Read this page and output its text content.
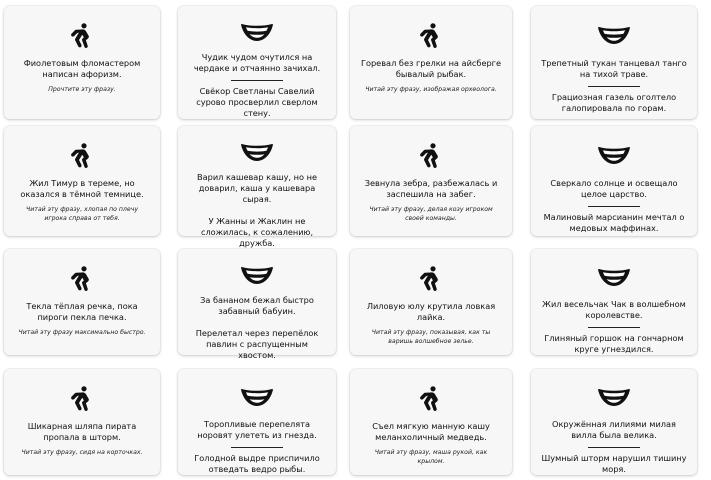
Фиолетовым фломастером написан афоризм.
Прочтите эту фразу.
Чудик чудом очутился на чердаке и отчаянно зачихал.
Свёкор Светланы Савелий сурово просверлил сверлом стену.
Горевал без грелки на айсберге бывалый рыбак.
Читай эту фразу, изображая орхеолога.
Трепетный тукан танцевал танго на тихой траве.
Грациозная газель оголтело галопировала по горам.
Жил Тимур в тереме, но оказался в тёмной темнице.
Читай эту фразу, хлопая по плечу игрока справа от тебя.
Варил кашевар кашу, но не доварил, каша у кашевара сырая.
У Жанны и Жаклин не сложилась, к сожалению, дружба.
Зевнула зебра, разбежалась и заспешила на забег.
Читай эту фразу, делая козу игроком своей команды.
Сверкало солнце и освещало целое царство.
Малиновый марсианин мечтал о медовых маффинах.
Текла тёплая речка, пока пироги пекла печка.
Читай эту фразу максимально быстро.
За бананом бежал быстро забавный бабуин.
Перелетал через перепёлок павлин с распущенным хвостом.
Лиловую юлу крутила ловкая лайка.
Читай эту фразу, показывая, как ты варишь волшебное зелье.
Жил весельчак Чак в волшебном королевстве.
Глиняный горшок на гончарном круге угнездился.
Шикарная шляпа пирата пропала в шторм.
Читай эту фразу, сидя на корточках.
Торопливые перепелята норовят улететь из гнезда.
Голодной выдре приспичило отведать ведро рыбы.
Съел мягкую манную кашу меланхоличный медведь.
Читай эту фразу, маша рукой, как крылом.
Окружённая лилиями милая вилла была велика.
Шумный шторм нарушил тишину моря.
